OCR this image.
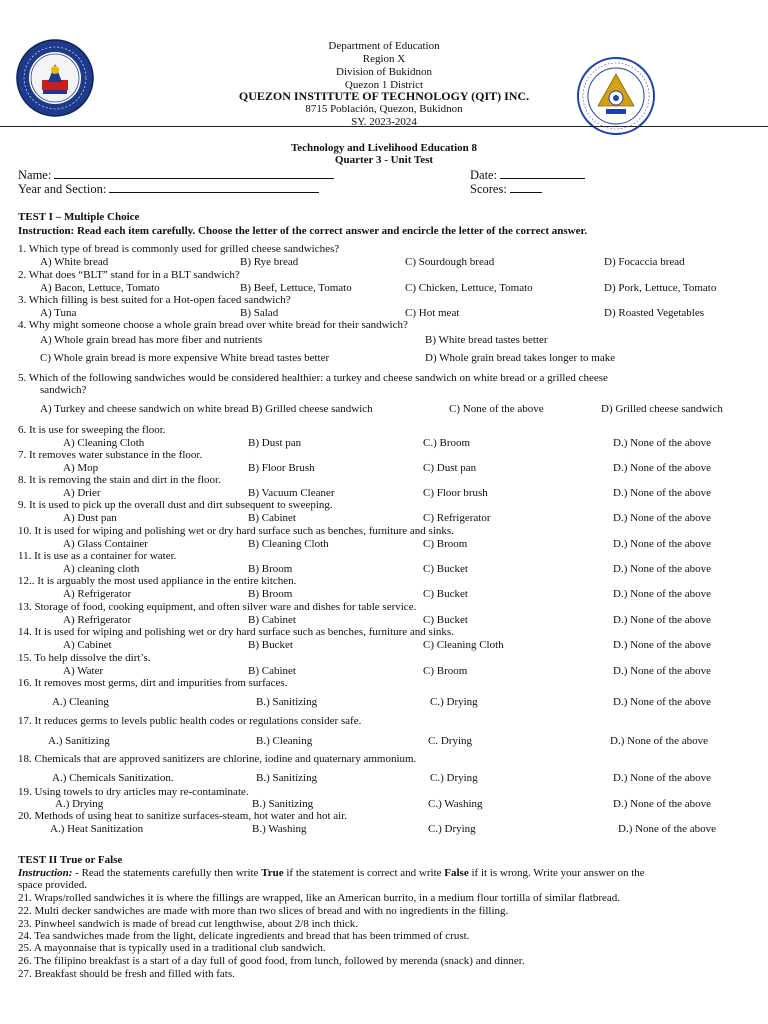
Department of Education
Region X
Division of Bukidnon
Quezon 1 District
QUEZON INSTITUTE OF TECHNOLOGY (QIT) INC.
8715 Población, Quezon, Bukidnon
SY. 2023-2024
Technology and Livelihood Education 8
Quarter 3 - Unit Test
Name:	Date:
Year and Section:	Scores:
TEST I – Multiple Choice
Instruction: Read each item carefully. Choose the letter of the correct answer and encircle the letter of the correct answer.
1. Which type of bread is commonly used for grilled cheese sandwiches?
A) White bread	B) Rye bread	C) Sourdough bread	D) Focaccia bread
2. What does “BLT” stand for in a BLT sandwich?
A) Bacon, Lettuce, Tomato	B) Beef, Lettuce, Tomato	C) Chicken, Lettuce, Tomato	D) Pork, Lettuce, Tomato
3. Which filling is best suited for a Hot-open faced sandwich?
A) Tuna	B) Salad	C) Hot meat	D) Roasted Vegetables
4. Why might someone choose a whole grain bread over white bread for their sandwich?
A) Whole grain bread has more fiber and nutrients	B) White bread tastes better
C) Whole grain bread is more expensive White bread tastes better	D) Whole grain bread takes longer to make
5. Which of the following sandwiches would be considered healthier: a turkey and cheese sandwich on white bread or a grilled cheese
sandwich?
A) Turkey and cheese sandwich on white bread B) Grilled cheese sandwich	C) None of the above	D) Grilled cheese sandwich
6. It is use for sweeping the floor.
A) Cleaning Cloth	B) Dust pan	C.) Broom	D.) None of the above
7. It removes water substance in the floor.
A) Mop	B) Floor Brush	C) Dust pan	D.) None of the above
8. It is removing the stain and dirt in the floor.
A) Drier	B) Vacuum Cleaner	C) Floor brush	D.) None of the above
9. It is used to pick up the overall dust and dirt subsequent to sweeping.
A) Dust pan	B) Cabinet	C) Refrigerator	D.) None of the above
10. It is used for wiping and polishing wet or dry hard surface such as benches, furniture and sinks.
A) Glass Container	B) Cleaning Cloth	C) Broom	D.) None of the above
11. It is use as a container for water.
A) cleaning cloth	B) Broom	C) Bucket	D.) None of the above
12.. It is arguably the most used appliance in the entire kitchen.
A) Refrigerator	B) Broom	C) Bucket	D.) None of the above
13. Storage of food, cooking equipment, and often silver ware and dishes for table service.
A) Refrigerator	B) Cabinet	C) Bucket	D.) None of the above
14. It is used for wiping and polishing wet or dry hard surface such as benches, furniture and sinks.
A) Cabinet	B) Bucket	C) Cleaning Cloth	D.) None of the above
15. To help dissolve the dirt’s.
A) Water	B) Cabinet	C) Broom	D.) None of the above
16. It removes most germs, dirt and impurities from surfaces.
A.) Cleaning	B.) Sanitizing	C.) Drying	D.) None of the above
17. It reduces germs to levels public health codes or regulations consider safe.
A.) Sanitizing	B.) Cleaning	C. Drying	D.) None of the above
18. Chemicals that are approved sanitizers are chlorine, iodine and quaternary ammonium.
A.) Chemicals Sanitization.	B.) Sanitizing	C.) Drying	D.) None of the above
19. Using towels to dry articles may re-contaminate.
A.) Drying	B.) Sanitizing	C.) Washing	D.) None of the above
20. Methods of using heat to sanitize surfaces-steam, hot water and hot air.
A.) Heat Sanitization	B.) Washing	C.) Drying	D.) None of the above
TEST II True or False
Instruction: - Read the statements carefully then write True if the statement is correct and write False if it is wrong. Write your answer on the
space provided.
21. Wraps/rolled sandwiches it is where the fillings are wrapped, like an American burrito, in a medium flour tortilla of similar flatbread.
22. Multi decker sandwiches are made with more than two slices of bread and with no ingredients in the filling.
23. Pinwheel sandwich is made of bread cut lengthwise, about 2/8 inch thick.
24. Tea sandwiches made from the light, delicate ingredients and bread that has been trimmed of crust.
25. A mayonnaise that is typically used in a traditional club sandwich.
26. The filipino breakfast is a start of a day full of good food, from lunch, followed by merenda (snack) and dinner.
27. Breakfast should be fresh and filled with fats.
